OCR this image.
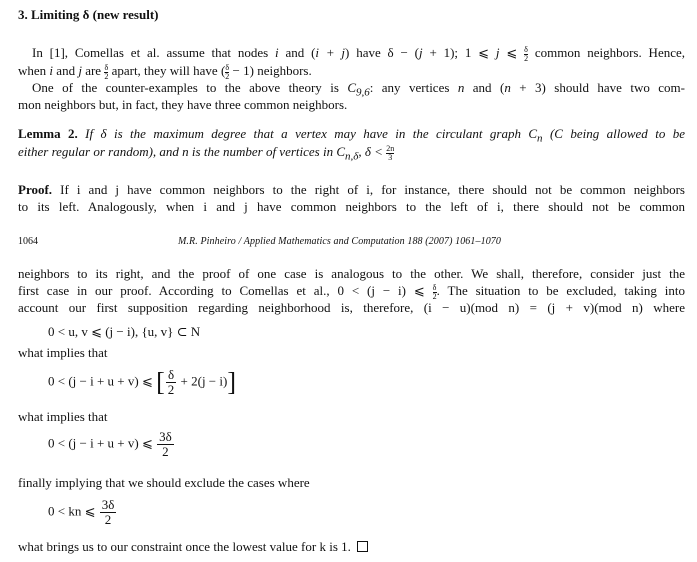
3. Limiting δ (new result)
In [1], Comellas et al. assume that nodes i and (i + j) have δ − (j + 1); 1 ⩽ j ⩽ $\frac{\delta}{2}$ common neighbors. Hence,
when i and j are $\frac{\delta}{2}$ apart, they will have ( $\frac{\delta}{2} - 1$) neighbors.
One of the counter-examples to the above theory is $C_{9,6}$: any vertices n and (n + 3) should have two com-
mon neighbors but, in fact, they have three common neighbors.
Lemma 2. If δ is the maximum degree that a vertex may have in the circulant graph $C_n$ (C being allowed to be
either regular or random), and n is the number of vertices in $C_{n,\delta}$, $\delta < \frac{2n}{3}$
Proof. If i and j have common neighbors to the right of i, for instance, there should not be common neighbors
to its left. Analogously, when i and j have common neighbors to the left of i, there should not be common
1064	M.R. Pinheiro / Applied Mathematics and Computation 188 (2007) 1061–1070
neighbors to its right, and the proof of one case is analogous to the other. We shall, therefore, consider just the
first case in our proof. According to Comellas et al., 0 < (j − i) ⩽ $\frac{\delta}{2}$ . The situation to be excluded, taking into
account our first supposition regarding neighborhood is, therefore, (i − u)(mod n) = (j + v)(mod n) where
0 < u, v ⩽ (j − i), {u, v} ⊂ N
what implies that
0 < (j − i + u + v) ⩽ [ $\frac{\delta}{2} + 2(j - i)$]
what implies that
0 < (j − i + u + v) ⩽ $\frac{3\delta}{2}$
finally implying that we should exclude the cases where
0 < kn ⩽ $\frac{3\delta}{2}$
what brings us to our constraint once the lowest value for k is 1.
